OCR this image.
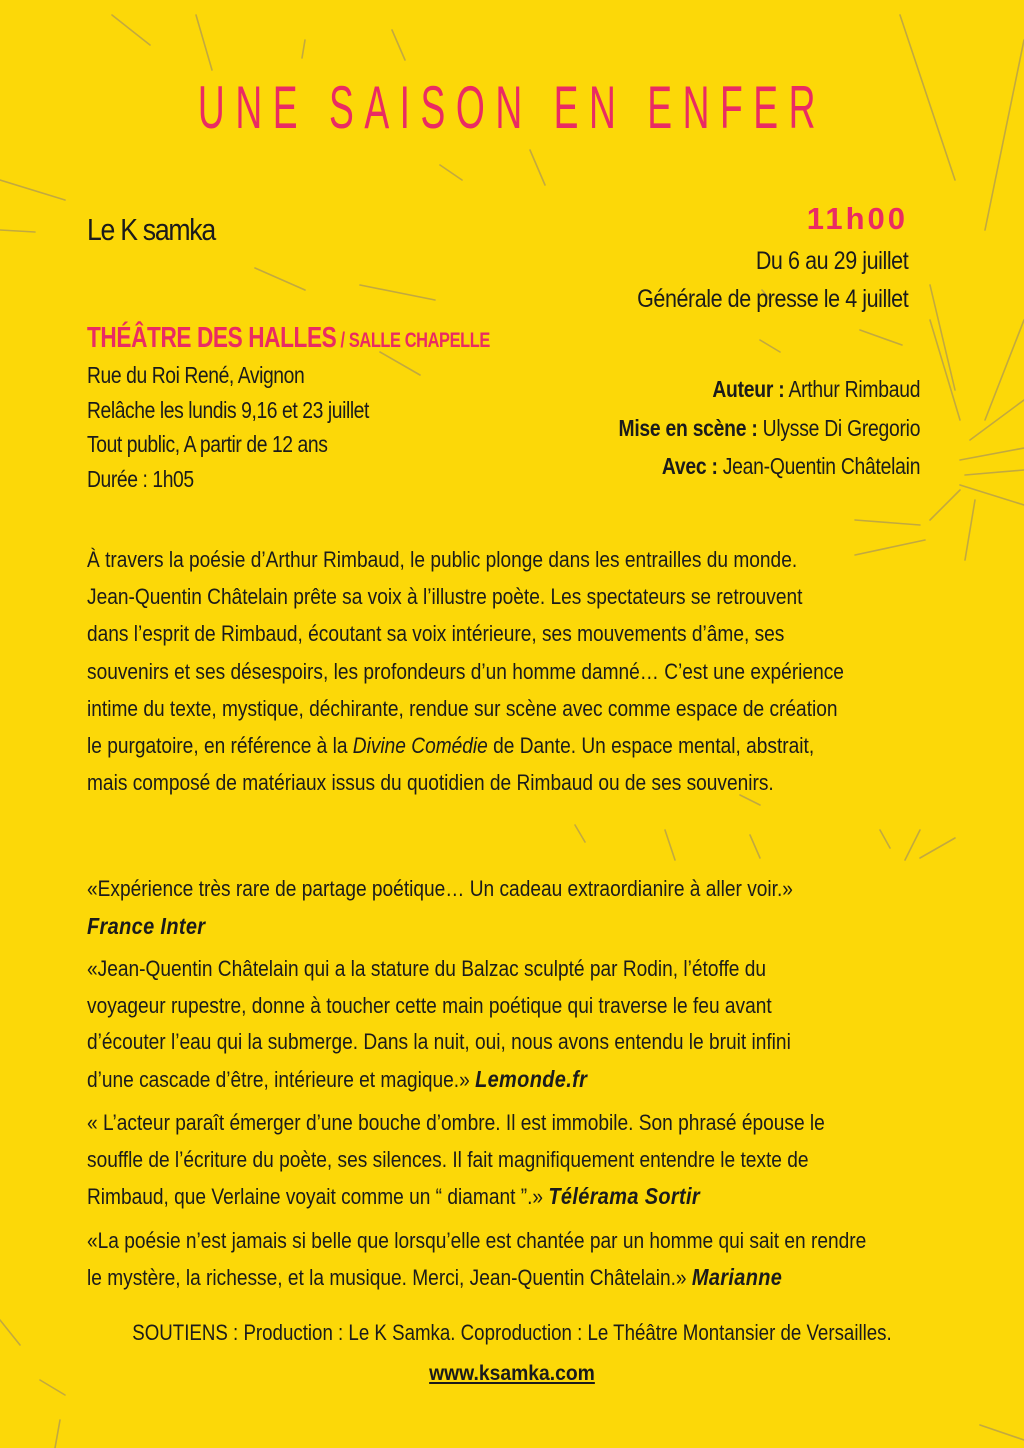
UNE SAISON EN ENFER
Le K samka	11h00
Du 6 au 29 juillet
Générale de presse le 4 juillet
THÉÂTRE DES HALLES / SALLE CHAPELLE
Rue du Roi René, Avignon
Relâche les lundis 9,16 et 23 juillet
Tout public, A partir de 12 ans
Durée : 1h05
Auteur : Arthur Rimbaud
Mise en scène : Ulysse Di Gregorio
Avec : Jean-Quentin Châtelain
À travers la poésie d’Arthur Rimbaud, le public plonge dans les entrailles du monde.
Jean-Quentin Châtelain prête sa voix à l’illustre poète. Les spectateurs se retrouvent
dans l’esprit de Rimbaud, écoutant sa voix intérieure, ses mouvements d’âme, ses
souvenirs et ses désespoirs, les profondeurs d’un homme damné… C’est une expérience
intime du texte, mystique, déchirante, rendue sur scène avec comme espace de création
le purgatoire, en référence à la Divine Comédie de Dante. Un espace mental, abstrait,
mais composé de matériaux issus du quotidien de Rimbaud ou de ses souvenirs.
«Expérience très rare de partage poétique… Un cadeau extraordianire à aller voir.»
France Inter
«Jean-Quentin Châtelain qui a la stature du Balzac sculpté par Rodin, l’étoffe du
voyageur rupestre, donne à toucher cette main poétique qui traverse le feu avant
d’écouter l’eau qui la submerge. Dans la nuit, oui, nous avons entendu le bruit infini
d’une cascade d’être, intérieure et magique.» Lemonde.fr
« L’acteur paraît émerger d’une bouche d’ombre. Il est immobile. Son phrasé épouse le
souffle de l’écriture du poète, ses silences. Il fait magnifiquement entendre le texte de
Rimbaud, que Verlaine voyait comme un “ diamant ”.» Télérama Sortir
«La poésie n’est jamais si belle que lorsqu’elle est chantée par un homme qui sait en rendre
le mystère, la richesse, et la musique. Merci, Jean-Quentin Châtelain.» Marianne
SOUTIENS : Production : Le K Samka. Coproduction : Le Théâtre Montansier de Versailles.
www.ksamka.com
